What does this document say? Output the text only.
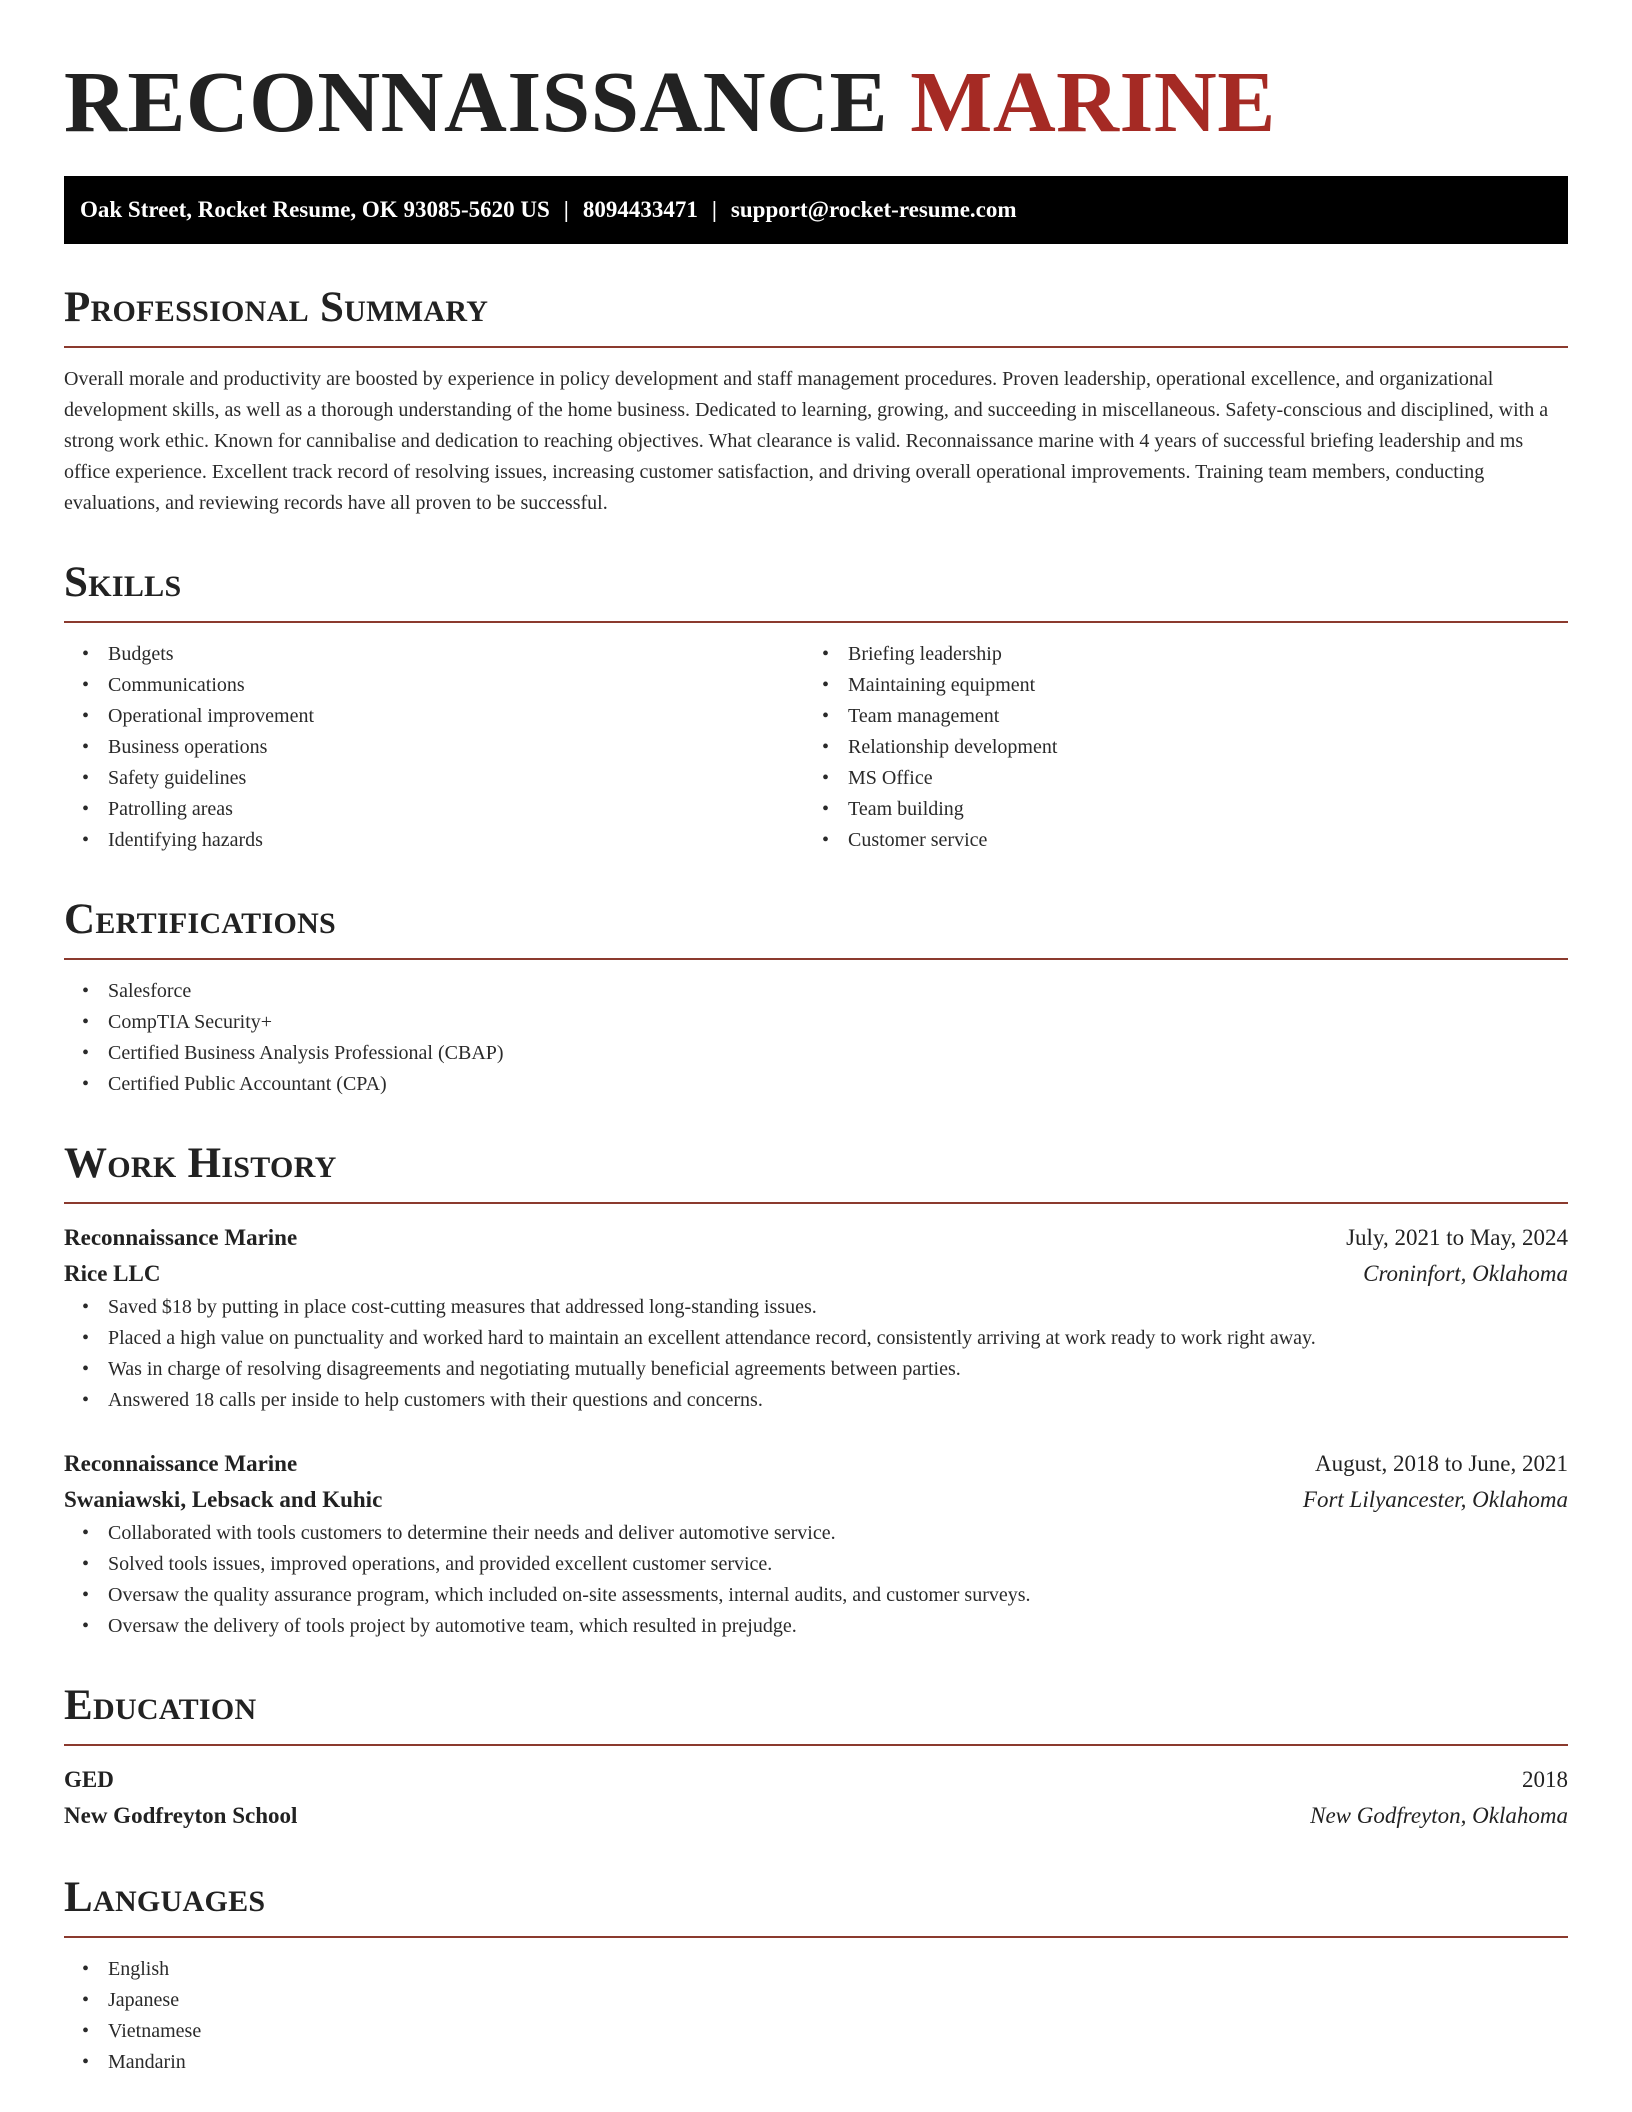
RECONNAISSANCE MARINE
Oak Street, Rocket Resume, OK 93085-5620 US | 8094433471 | support@rocket-resume.com
Professional Summary

Overall morale and productivity are boosted by experience in policy development and staff management procedures. Proven leadership, operational excellence, and organizational development skills, as well as a thorough understanding of the home business. Dedicated to learning, growing, and succeeding in miscellaneous. Safety-conscious and disciplined, with a strong work ethic. Known for cannibalise and dedication to reaching objectives. What clearance is valid. Reconnaissance marine with 4 years of successful briefing leadership and ms office experience. Excellent track record of resolving issues, increasing customer satisfaction, and driving overall operational improvements. Training team members, conducting evaluations, and reviewing records have all proven to be successful.

Skills
• Budgets
• Communications
• Operational improvement
• Business operations
• Safety guidelines
• Patrolling areas
• Identifying hazards
• Briefing leadership
• Maintaining equipment
• Team management
• Relationship development
• MS Office
• Team building
• Customer service
Certifications
• Salesforce
• CompTIA Security+
• Certified Business Analysis Professional (CBAP)
• Certified Public Accountant (CPA)
Work History
Reconnaissance Marine	July, 2021 to May, 2024
Rice LLC	Croninfort, Oklahoma
• Saved $18 by putting in place cost-cutting measures that addressed long-standing issues.
• Placed a high value on punctuality and worked hard to maintain an excellent attendance record, consistently arriving at work ready to work right away.
• Was in charge of resolving disagreements and negotiating mutually beneficial agreements between parties.
• Answered 18 calls per inside to help customers with their questions and concerns.
Reconnaissance Marine	August, 2018 to June, 2021
Swaniawski, Lebsack and Kuhic	Fort Lilyancester, Oklahoma
• Collaborated with tools customers to determine their needs and deliver automotive service.
• Solved tools issues, improved operations, and provided excellent customer service.
• Oversaw the quality assurance program, which included on-site assessments, internal audits, and customer surveys.
• Oversaw the delivery of tools project by automotive team, which resulted in prejudge.
Education
GED	2018
New Godfreyton School	New Godfreyton, Oklahoma
Languages
• English
• Japanese
• Vietnamese
• Mandarin
